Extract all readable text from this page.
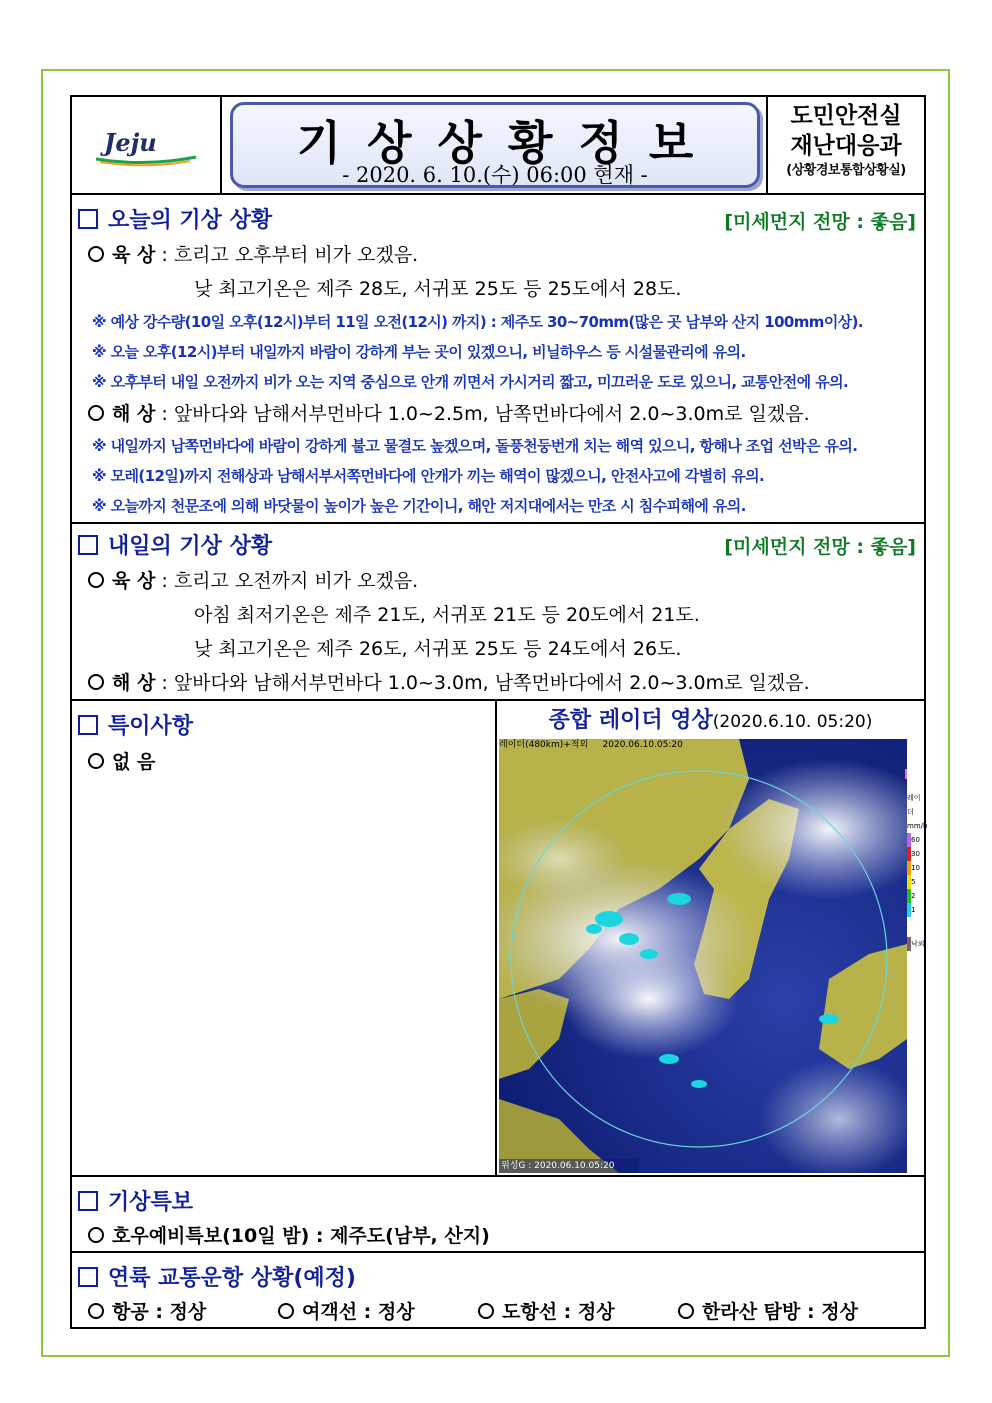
Jeju	기상상황정보
- 2020. 6. 10.(수) 06:00 현재 -
도민안전실
재난대응과
(상황경보통합상황실)
오늘의 기상 상황	[미세먼지 전망 : 좋음]
육 상 : 흐리고 오후부터 비가 오겠음.
낮 최고기온은 제주 28도, 서귀포 25도 등 25도에서 28도.
※ 예상 강수량(10일 오후(12시)부터 11일 오전(12시) 까지) : 제주도 30~70mm(많은 곳 남부와 산지 100mm이상).
※ 오늘 오후(12시)부터 내일까지 바람이 강하게 부는 곳이 있겠으니, 비닐하우스 등 시설물관리에 유의.
※ 오후부터 내일 오전까지 비가 오는 지역 중심으로 안개 끼면서 가시거리 짧고, 미끄러운 도로 있으니, 교통안전에 유의.
해 상 : 앞바다와 남해서부먼바다 1.0~2.5m, 남쪽먼바다에서 2.0~3.0m로 일겠음.
※ 내일까지 남쪽먼바다에 바람이 강하게 불고 물결도 높겠으며, 돌풍천둥번개 치는 해역 있으니, 항해나 조업 선박은 유의.
※ 모레(12일)까지 전해상과 남해서부서쪽먼바다에 안개가 끼는 해역이 많겠으니, 안전사고에 각별히 유의.
※ 오늘까지 천문조에 의해 바닷물이 높이가 높은 기간이니, 해안 저지대에서는 만조 시 침수피해에 유의.
내일의 기상 상황	[미세먼지 전망 : 좋음]
육 상 : 흐리고 오전까지 비가 오겠음.
아침 최저기온은 제주 21도, 서귀포 21도 등 20도에서 21도.
낮 최고기온은 제주 26도, 서귀포 25도 등 24도에서 26도.
해 상 : 앞바다와 남해서부먼바다 1.0~3.0m, 남쪽먼바다에서 2.0~3.0m로 일겠음.
특이사항
없 음
종합 레이더 영상(2020.6.10. 05:20)
레이더(480km)+적외 2020.06.10.05:20
위성G : 2020.06.10.05:20
레이더
mm/h
60
30
10
5
2
1
낙뢰
기상특보
호우예비특보(10일 밤) : 제주도(남부, 산지)
연륙 교통운항 상황(예정)
항공 : 정상	여객선 : 정상	도항선 : 정상	한라산 탐방 : 정상
